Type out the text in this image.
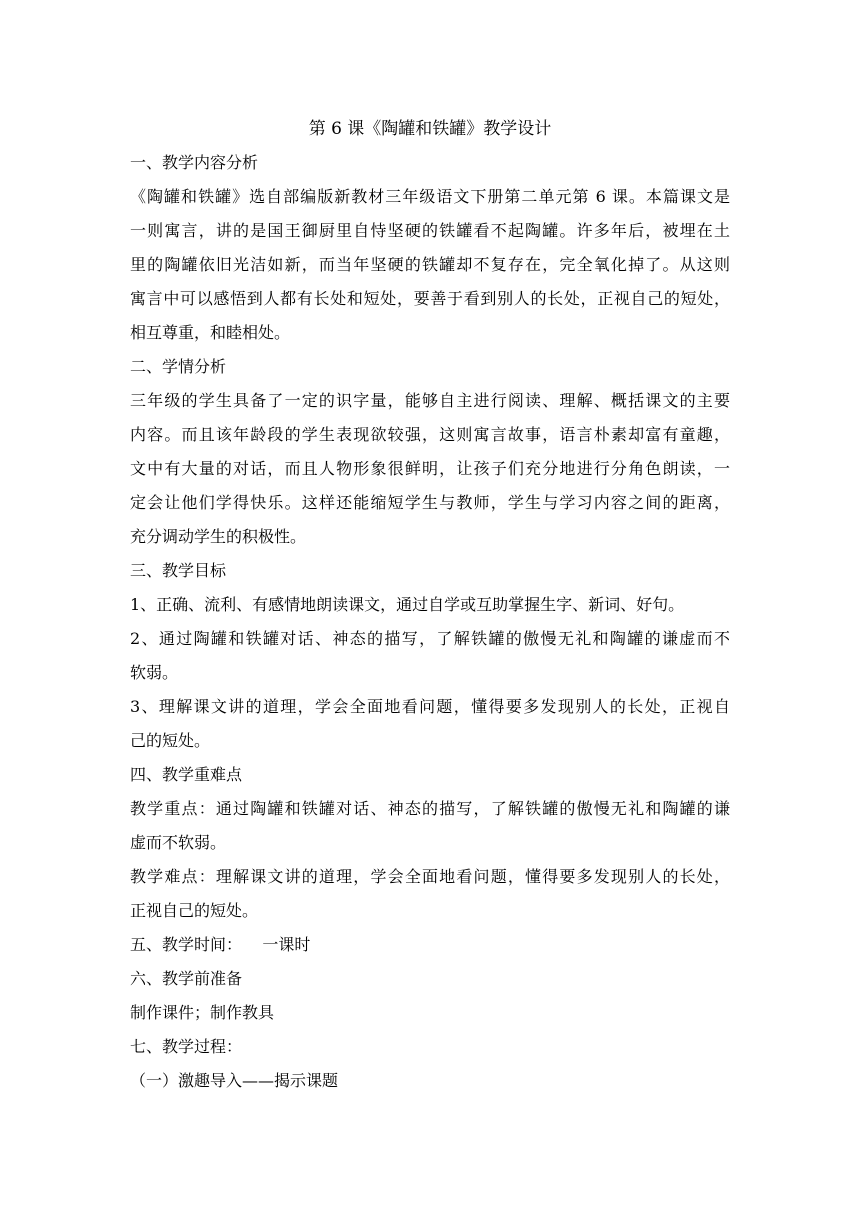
第 6 课《陶罐和铁罐》教学设计

一、教学内容分析

《陶罐和铁罐》选自部编版新教材三年级语文下册第二单元第 6 课。本篇课文是

一则寓言，讲的是国王御厨里自恃坚硬的铁罐看不起陶罐。许多年后，被埋在土

里的陶罐依旧光洁如新，而当年坚硬的铁罐却不复存在，完全氧化掉了。从这则

寓言中可以感悟到人都有长处和短处，要善于看到别人的长处，正视自己的短处，

相互尊重，和睦相处。

二、学情分析

三年级的学生具备了一定的识字量，能够自主进行阅读、理解、概括课文的主要

内容。而且该年龄段的学生表现欲较强，这则寓言故事，语言朴素却富有童趣，

文中有大量的对话，而且人物形象很鲜明，让孩子们充分地进行分角色朗读，一

定会让他们学得快乐。这样还能缩短学生与教师，学生与学习内容之间的距离，

充分调动学生的积极性。

三、教学目标

1、正确、流利、有感情地朗读课文，通过自学或互助掌握生字、新词、好句。

2、通过陶罐和铁罐对话、神态的描写，了解铁罐的傲慢无礼和陶罐的谦虚而不

软弱。

3、理解课文讲的道理，学会全面地看问题，懂得要多发现别人的长处，正视自

己的短处。

四、教学重难点

教学重点：通过陶罐和铁罐对话、神态的描写，了解铁罐的傲慢无礼和陶罐的谦

虚而不软弱。

教学难点：理解课文讲的道理，学会全面地看问题，懂得要多发现别人的长处，

正视自己的短处。

五、教学时间：    一课时

六、教学前准备

制作课件；制作教具

七、教学过程：

（一）激趣导入——揭示课题
